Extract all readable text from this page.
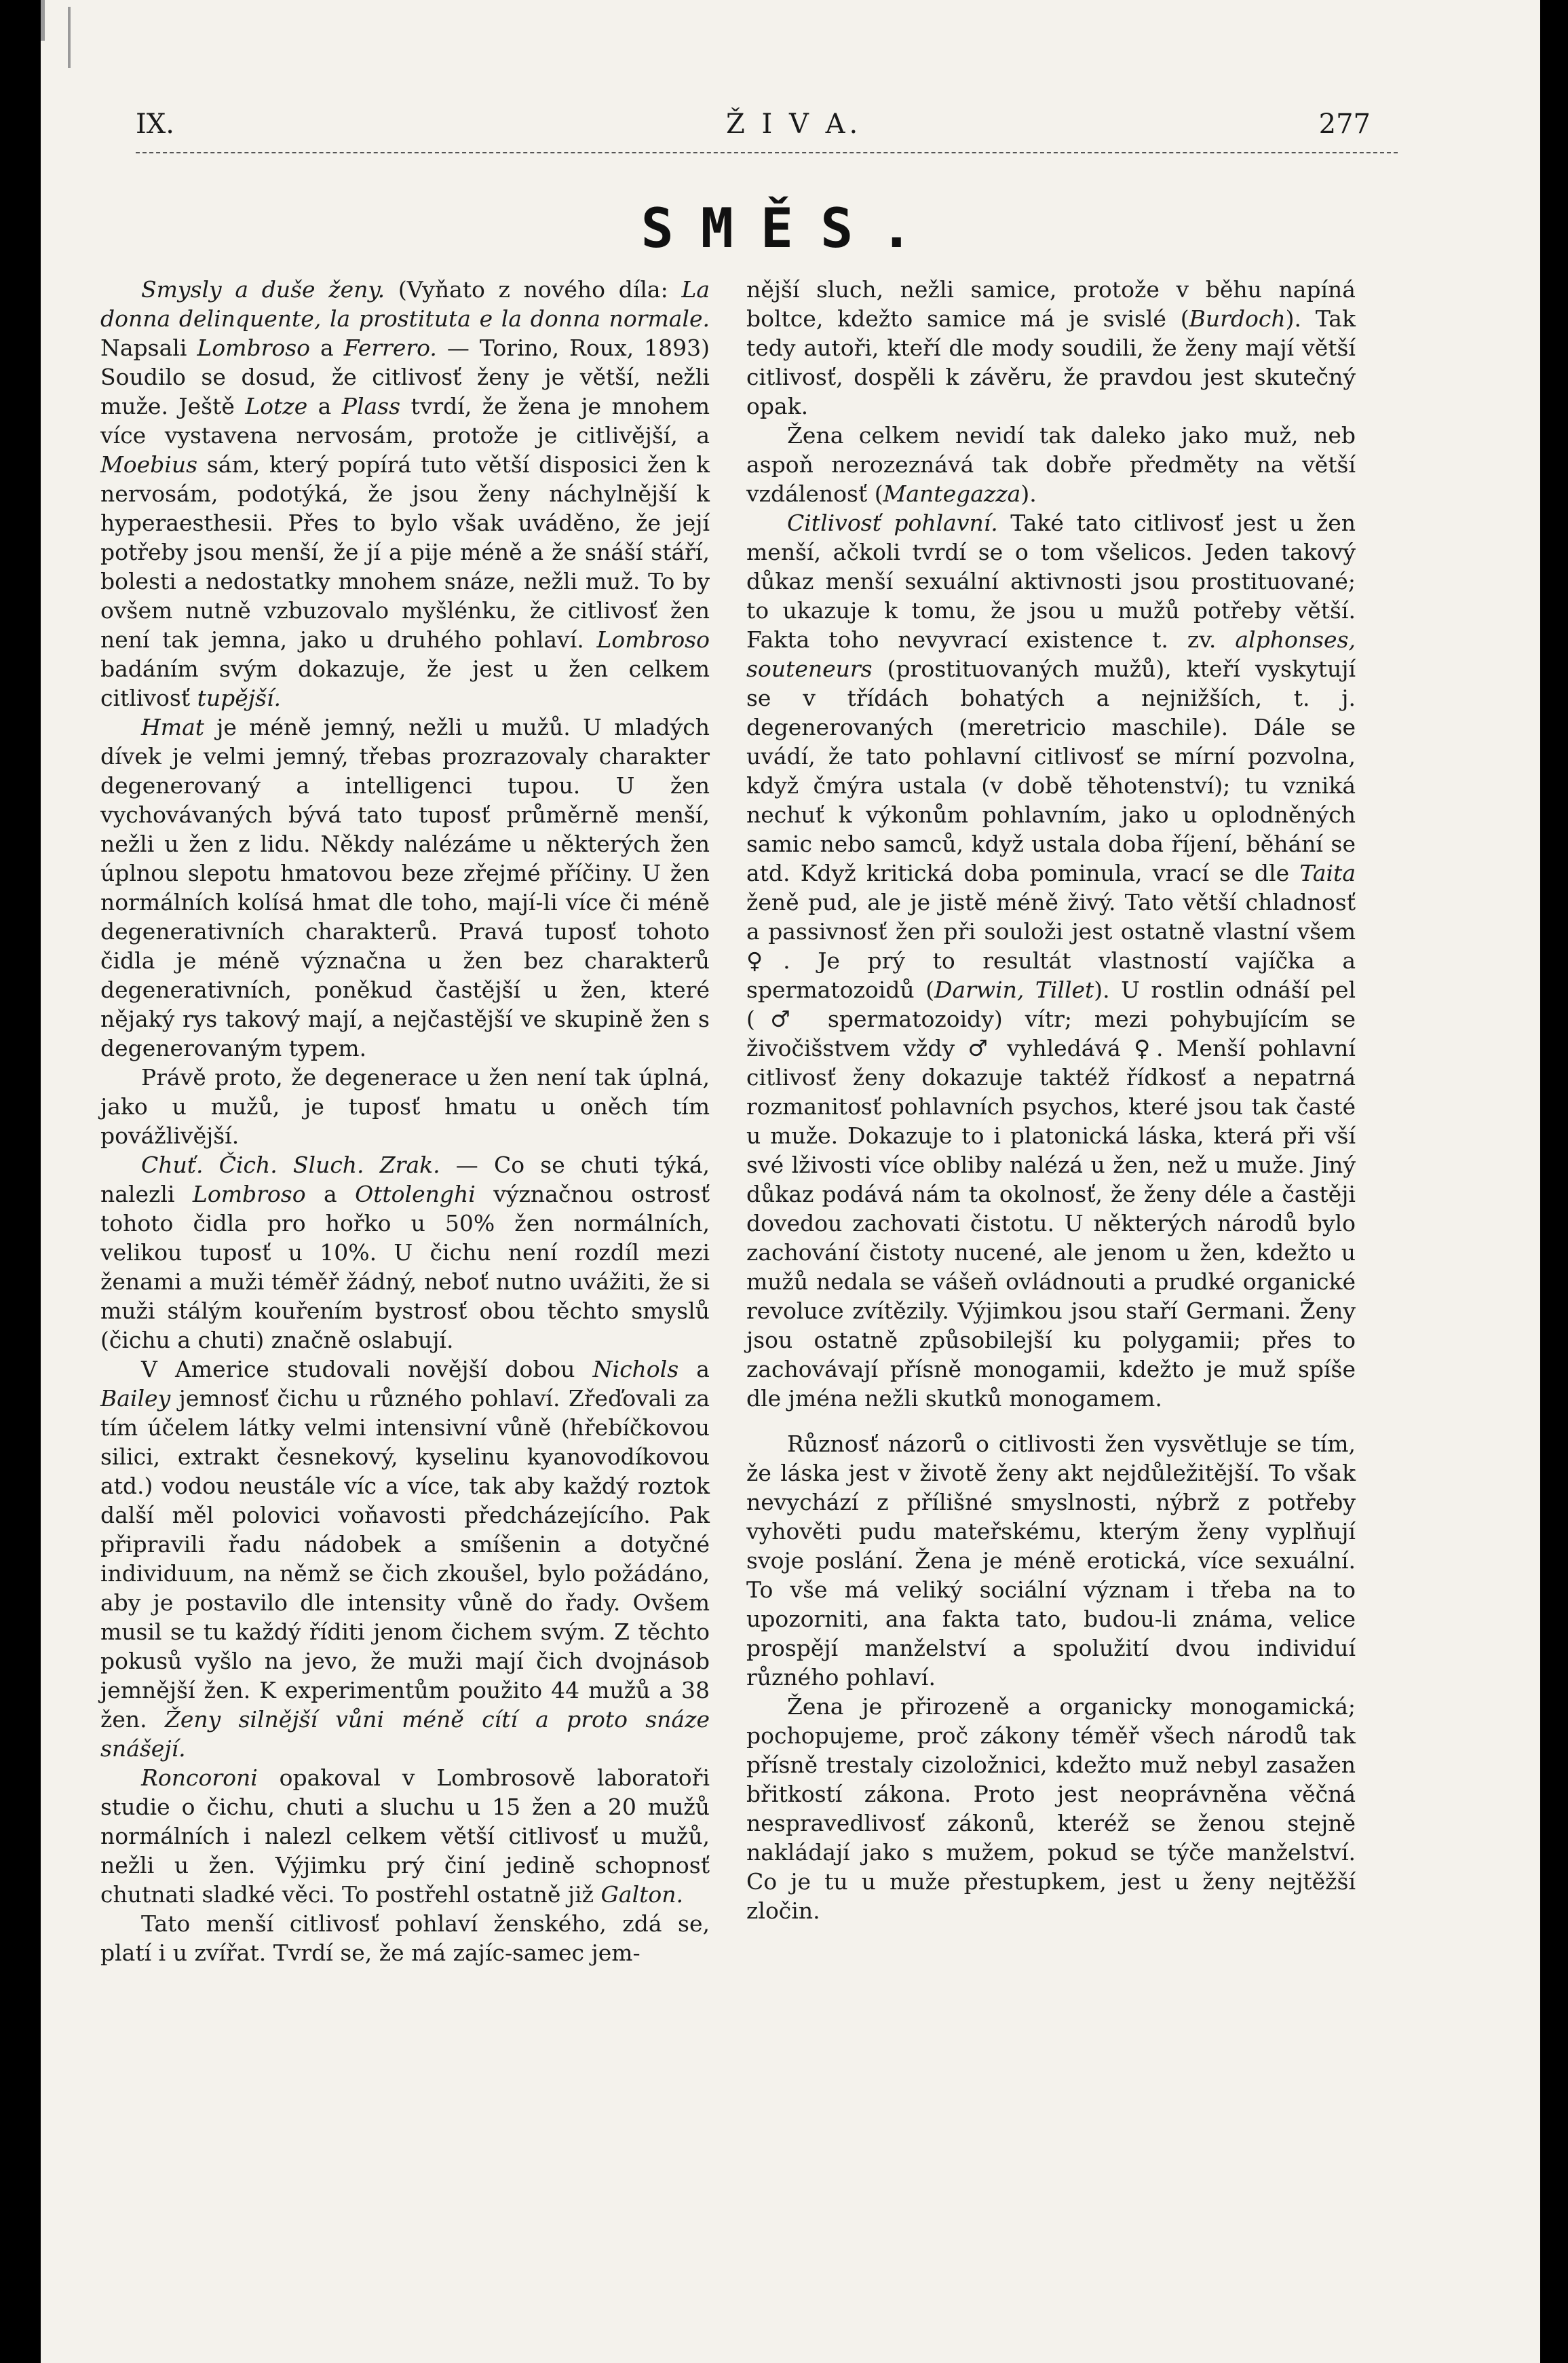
IX.	Ž I V A.	277
SMĚS.

Smysly a duše ženy. (Vyňato z nového díla: La donna delinquente, la prostituta e la donna normale. Napsali Lombroso a Ferrero. — Torino, Roux, 1893) Soudilo se dosud, že citlivosť ženy je větší, nežli muže. Ještě Lotze a Plass tvrdí, že žena je mnohem více vystavena nervosám, protože je citlivější, a Moebius sám, který popírá tuto větší disposici žen k nervosám, podotýká, že jsou ženy náchylnější k hyperaesthesii. Přes to bylo však uváděno, že její potřeby jsou menší, že jí a pije méně a že snáší stáří, bolesti a nedostatky mnohem snáze, nežli muž. To by ovšem nutně vzbuzovalo myšlénku, že citlivosť žen není tak jemna, jako u druhého pohlaví. Lombroso badáním svým dokazuje, že jest u žen celkem citlivosť tupější.

Hmat je méně jemný, nežli u mužů. U mladých dívek je velmi jemný, třebas prozrazovaly charakter degenerovaný a intelligenci tupou. U žen vychovávaných bývá tato tuposť průměrně menší, nežli u žen z lidu. Někdy nalézáme u některých žen úplnou slepotu hmatovou beze zřejmé příčiny. U žen normálních kolísá hmat dle toho, mají-li více či méně degenerativních charakterů. Pravá tuposť tohoto čidla je méně význačna u žen bez charakterů degenerativních, poněkud častější u žen, které nějaký rys takový mají, a nejčastější ve skupině žen s degenerovaným typem.

Právě proto, že degenerace u žen není tak úplná, jako u mužů, je tuposť hmatu u oněch tím povážlivější.

Chuť. Čich. Sluch. Zrak. — Co se chuti týká, nalezli Lombroso a Ottolenghi význačnou ostrosť tohoto čidla pro hořko u 50% žen normálních, velikou tuposť u 10%. U čichu není rozdíl mezi ženami a muži téměř žádný, neboť nutno uvážiti, že si muži stálým kouřením bystrosť obou těchto smyslů (čichu a chuti) značně oslabují.

V Americe studovali novější dobou Nichols a Bailey jemnosť čichu u různého pohlaví. Zřeďovali za tím účelem látky velmi intensivní vůně (hřebíčkovou silici, extrakt česnekový, kyselinu kyanovodíkovou atd.) vodou neustále víc a více, tak aby každý roztok další měl polovici voňavosti předcházejícího. Pak připravili řadu nádobek a smíšenin a dotyčné individuum, na němž se čich zkoušel, bylo požádáno, aby je postavilo dle intensity vůně do řady. Ovšem musil se tu každý říditi jenom čichem svým. Z těchto pokusů vyšlo na jevo, že muži mají čich dvojnásob jemnější žen. K experimentům použito 44 mužů a 38 žen. Ženy silnější vůni méně cítí a proto snáze snášejí.

Roncoroni opakoval v Lombrosově laboratoři studie o čichu, chuti a sluchu u 15 žen a 20 mužů normálních i nalezl celkem větší citlivosť u mužů, nežli u žen. Výjimku prý činí jedině schopnosť chutnati sladké věci. To postřehl ostatně již Galton.

Tato menší citlivosť pohlaví ženského, zdá se, platí i u zvířat. Tvrdí se, že má zajíc-samec jem-

nější sluch, nežli samice, protože v běhu napíná boltce, kdežto samice má je svislé (Burdoch). Tak tedy autoři, kteří dle mody soudili, že ženy mají větší citlivosť, dospěli k závěru, že pravdou jest skutečný opak.

Žena celkem nevidí tak daleko jako muž, neb aspoň nerozeznává tak dobře předměty na větší vzdálenosť (Mantegazza).

Citlivosť pohlavní. Také tato citlivosť jest u žen menší, ačkoli tvrdí se o tom všelicos. Jeden takový důkaz menší sexuální aktivnosti jsou prostituované; to ukazuje k tomu, že jsou u mužů potřeby větší. Fakta toho nevyvrací existence t. zv. alphonses, souteneurs (prostituovaných mužů), kteří vyskytují se v třídách bohatých a nejnižších, t. j. degenerovaných (meretricio maschile). Dále se uvádí, že tato pohlavní citlivosť se mírní pozvolna, když čmýra ustala (v době těhotenství); tu vzniká nechuť k výkonům pohlavním, jako u oplodněných samic nebo samců, když ustala doba říjení, běhání se atd. Když kritická doba pominula, vrací se dle Taita ženě pud, ale je jistě méně živý. Tato větší chladnosť a passivnosť žen při souloži jest ostatně vlastní všem ♀. Je prý to resultát vlastností vajíčka a spermatozoidů (Darwin, Tillet). U rostlin odnáší pel (♂ spermatozoidy) vítr; mezi pohybujícím se živočišstvem vždy ♂ vyhledává ♀. Menší pohlavní citlivosť ženy dokazuje taktéž řídkosť a nepatrná rozmanitosť pohlavních psychos, které jsou tak časté u muže. Dokazuje to i platonická láska, která při vší své lživosti více obliby nalézá u žen, než u muže. Jiný důkaz podává nám ta okolnosť, že ženy déle a častěji dovedou zachovati čistotu. U některých národů bylo zachování čistoty nucené, ale jenom u žen, kdežto u mužů nedala se vášeň ovládnouti a prudké organické revoluce zvítězily. Výjimkou jsou staří Germani. Ženy jsou ostatně způsobilejší ku polygamii; přes to zachovávají přísně monogamii, kdežto je muž spíše dle jména nežli skutků monogamem.

Různosť názorů o citlivosti žen vysvětluje se tím, že láska jest v životě ženy akt nejdůležitější. To však nevychází z přílišné smyslnosti, nýbrž z potřeby vyhověti pudu mateřskému, kterým ženy vyplňují svoje poslání. Žena je méně erotická, více sexuální. To vše má veliký sociální význam i třeba na to upozorniti, ana fakta tato, budou-li známa, velice prospějí manželství a spolužití dvou individuí různého pohlaví.

Žena je přirozeně a organicky monogamická; pochopujeme, proč zákony téměř všech národů tak přísně trestaly cizoložnici, kdežto muž nebyl zasažen břitkostí zákona. Proto jest neoprávněna věčná nespravedlivosť zákonů, kteréž se ženou stejně nakládají jako s mužem, pokud se týče manželství. Co je tu u muže přestupkem, jest u ženy nejtěžší zločin.
